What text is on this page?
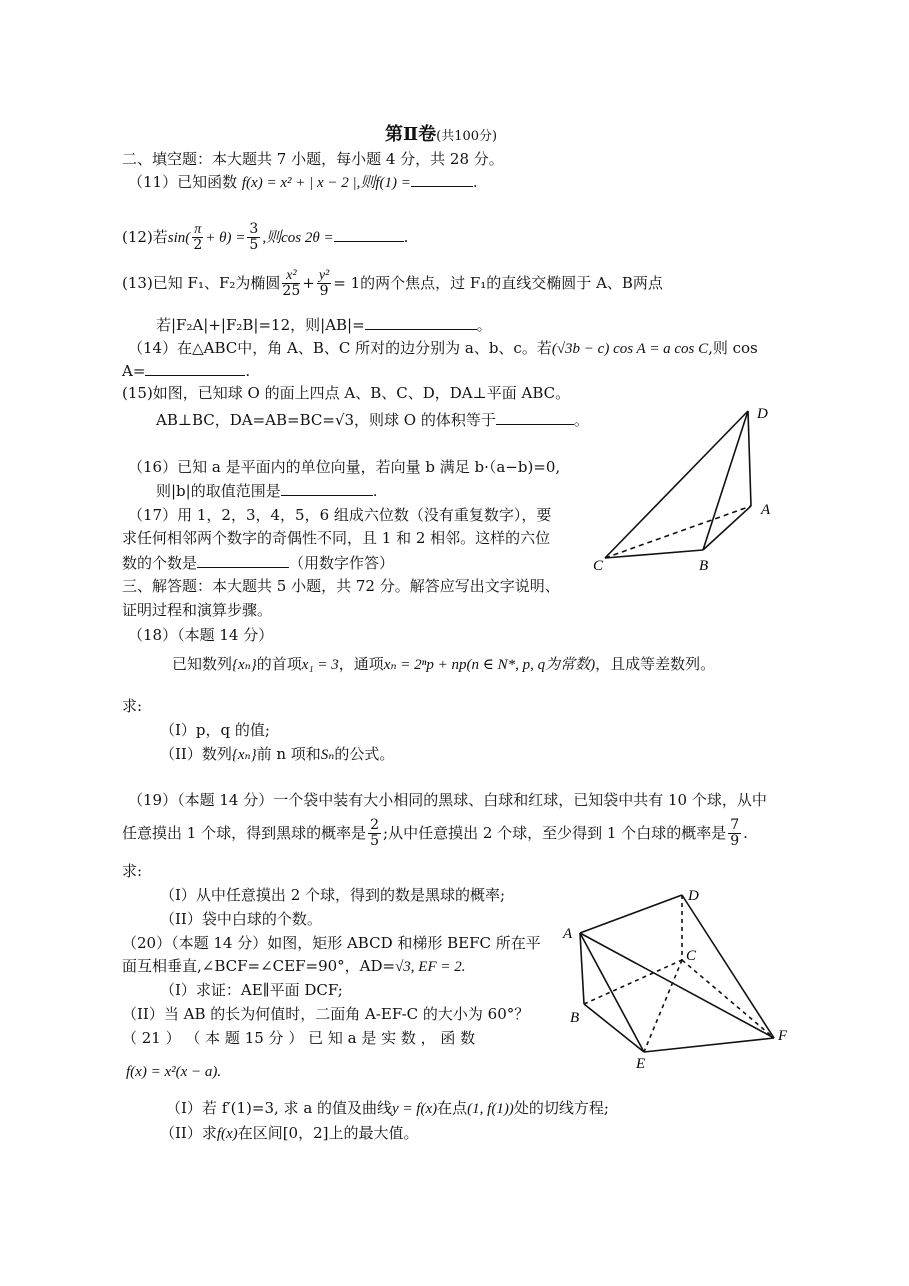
第Ⅱ卷(共100分)
二、填空题：本大题共 7 小题，每小题 4 分，共 28 分。
（11）已知函数 f(x) = x² + | x − 2 |,则f(1) =	.
(12)若$\sin( \frac{\pi}{2} + \theta) = \frac{3}{5}$ ,则cos 2θ =	.
(13)已知 F₁、F₂为椭圆 $\frac{\text{x²}}{25} + \frac{\text{y²}}{9} = 1$的两个焦点，过 F₁的直线交椭圆于 A、B两点
若|F₂A|+|F₂B|=12，则|AB|=	。
（14）在△ABC中，角 A、B、C 所对的边分别为 a、b、c。若(√3b − c) cos A = a cos C,则 cos
A=	.
(15)如图，已知球 O 的面上四点 A、B、C、D，DA⊥平面 ABC。
AB⊥BC，DA=AB=BC=√3，则球 O 的体积等于	。
（16）已知 a 是平面内的单位向量，若向量 b 满足 b·（a−b)=0,
则|b|的取值范围是	.
（17）用 1，2，3，4，5，6 组成六位数（没有重复数字），要
求任何相邻两个数字的奇偶性不同，且 1 和 2 相邻。这样的六位
数的个数是	（用数字作答）
三、解答题：本大题共 5 小题，共 72 分。解答应写出文字说明、
证明过程和演算步骤。
（18）（本题 14 分）
已知数列{xₙ}的首项x₁ = 3，通项xₙ = 2ⁿp + np(n ∈ N*, p, q为常数)，且成等差数列。
求:
（I）p，q 的值;
（II）数列{xₙ}前 n 项和Sₙ的公式。
（19）（本题 14 分）一个袋中装有大小相同的黑球、白球和红球，已知袋中共有 10 个球，从中
任意摸出 1 个球，得到黑球的概率是 $\frac{2}{5}$ ;从中任意摸出 2 个球，至少得到 1 个白球的概率是 $\frac{7}{9}$ .
求:
（I）从中任意摸出 2 个球，得到的数是黑球的概率;
（II）袋中白球的个数。
（20）（本题 14 分）如图，矩形 ABCD 和梯形 BEFC 所在平
面互相垂直,∠BCF=∠CEF=90°，AD=√3, EF = 2.
（I）求证：AE∥平面 DCF;
（II）当 AB 的长为何值时，二面角 A-EF-C 的大小为 60°？
（ 21 ） （ 本 题 15 分 ） 已 知 a 是 实 数 ， 函 数
f(x) = x²(x − a).
（I）若 f′(1)=3, 求 a 的值及曲线y = f(x)在点(1, f(1))处的切线方程;
（II）求f(x)在区间[0，2]上的最大值。
D
A
B
C
A
D
C
B
F
E
